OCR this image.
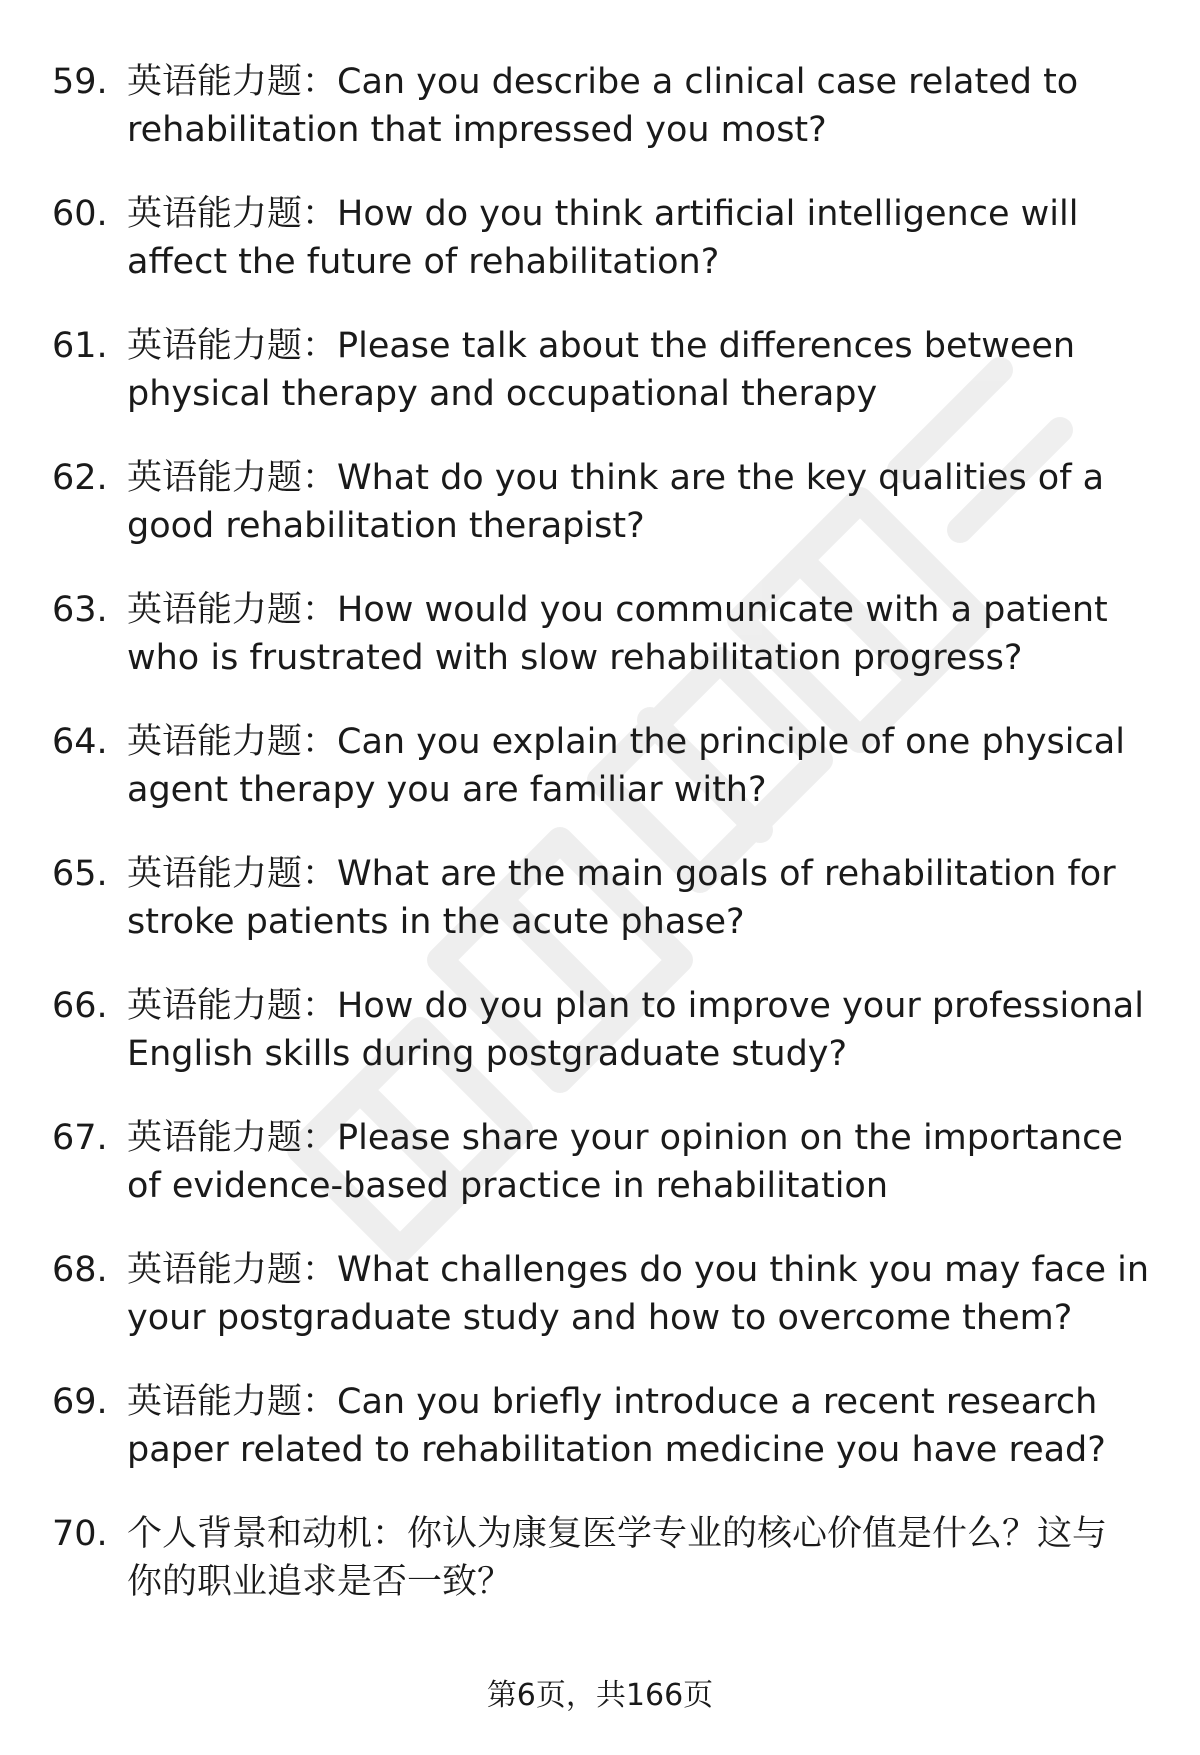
59. 英语能力题：Can you describe a clinical case related to
rehabilitation that impressed you most?
60. 英语能力题：How do you think artificial intelligence will
affect the future of rehabilitation?
61. 英语能力题：Please talk about the differences between
physical therapy and occupational therapy
62. 英语能力题：What do you think are the key qualities of a
good rehabilitation therapist?
63. 英语能力题：How would you communicate with a patient
who is frustrated with slow rehabilitation progress?
64. 英语能力题：Can you explain the principle of one physical
agent therapy you are familiar with?
65. 英语能力题：What are the main goals of rehabilitation for
stroke patients in the acute phase?
66. 英语能力题：How do you plan to improve your professional
English skills during postgraduate study?
67. 英语能力题：Please share your opinion on the importance
of evidence-based practice in rehabilitation
68. 英语能力题：What challenges do you think you may face in
your postgraduate study and how to overcome them?
69. 英语能力题：Can you briefly introduce a recent research
paper related to rehabilitation medicine you have read?
70. 个人背景和动机：你认为康复医学专业的核心价值是什么？这与
你的职业追求是否一致？
第6页，共166页
